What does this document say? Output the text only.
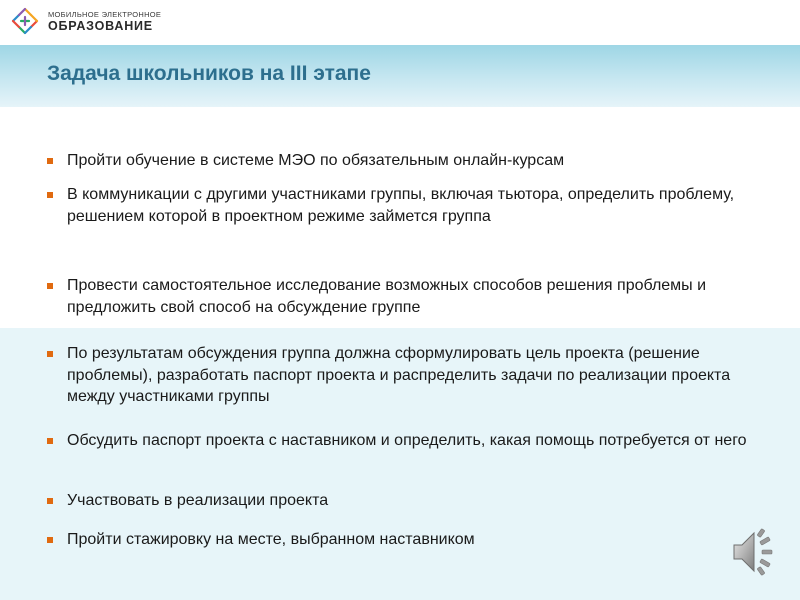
МОБИЛЬНОЕ ЭЛЕКТРОННОЕ
ОБРАЗОВАНИЕ
Задача школьников на III этапе
Пройти обучение в системе МЭО по обязательным онлайн-курсам
В коммуникации с другими участниками группы, включая тьютора, определить проблему, решением которой в проектном режиме займется группа
Провести самостоятельное исследование возможных способов решения проблемы и предложить свой способ на обсуждение группе
По результатам обсуждения группа должна сформулировать цель проекта (решение проблемы), разработать паспорт проекта и распределить задачи по реализации проекта между участниками группы
Обсудить паспорт проекта с наставником и определить, какая помощь потребуется от него
Участвовать в реализации проекта
Пройти стажировку на месте, выбранном наставником
